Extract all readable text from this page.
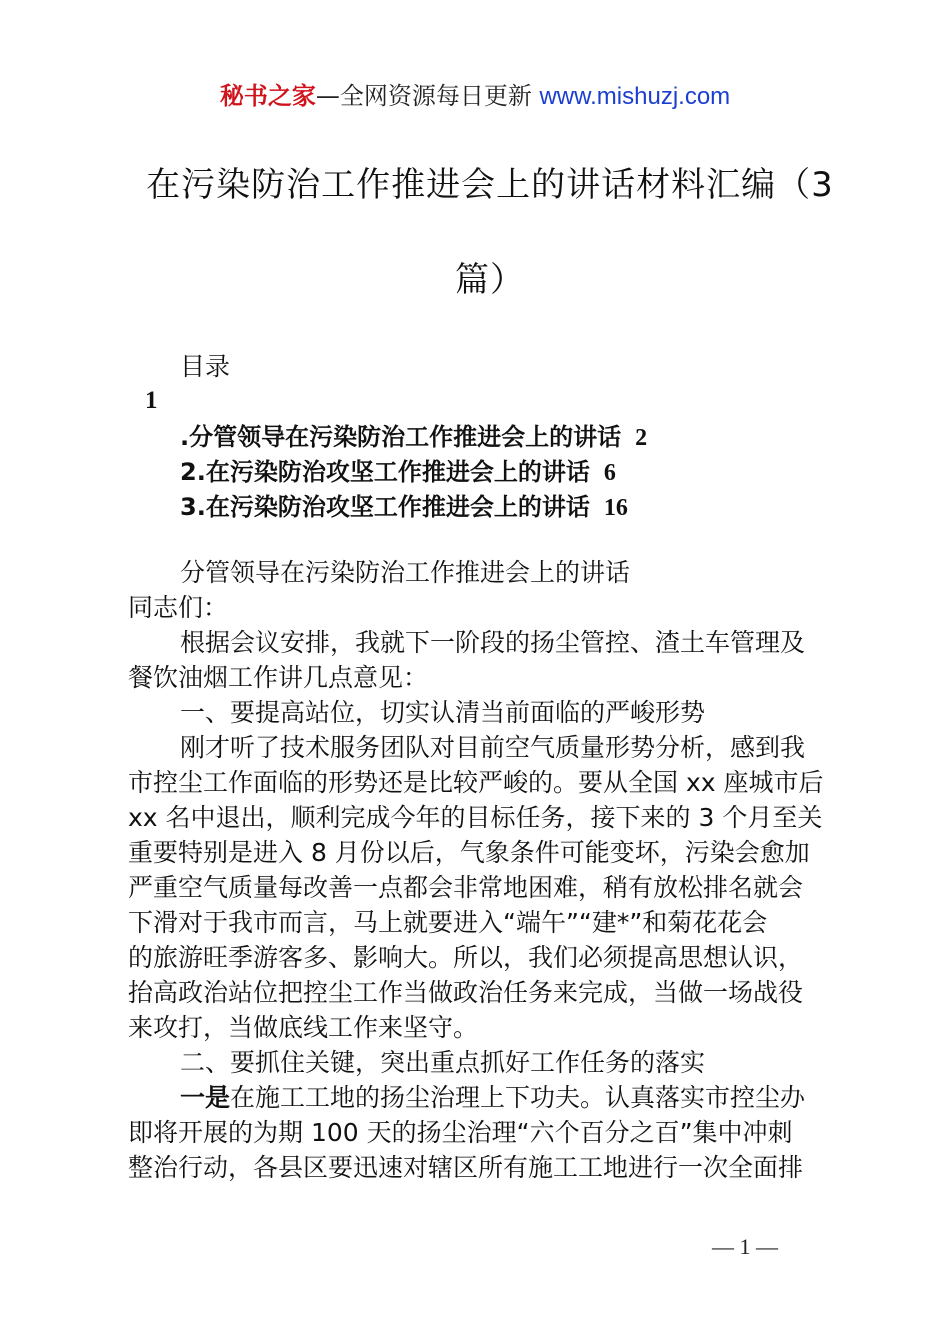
秘书之家—全网资源每日更新 www.mishuzj.com
在污染防治工作推进会上的讲话材料汇编（3
篇）
目录
1
.分管领导在污染防治工作推进会上的讲话 2
2.在污染防治攻坚工作推进会上的讲话 6
3.在污染防治攻坚工作推进会上的讲话 16
分管领导在污染防治工作推进会上的讲话
同志们：
根据会议安排，我就下一阶段的扬尘管控、渣土车管理及
餐饮油烟工作讲几点意见：
一、要提高站位，切实认清当前面临的严峻形势
刚才听了技术服务团队对目前空气质量形势分析，感到我
市控尘工作面临的形势还是比较严峻的。要从全国 xx 座城市后
xx 名中退出，顺利完成今年的目标任务，接下来的 3 个月至关
重要特别是进入 8 月份以后，气象条件可能变坏，污染会愈加
严重空气质量每改善一点都会非常地困难，稍有放松排名就会
下滑对于我市而言，马上就要进入“端午”“建*”和菊花花会
的旅游旺季游客多、影响大。所以，我们必须提高思想认识，
抬高政治站位把控尘工作当做政治任务来完成，当做一场战役
来攻打，当做底线工作来坚守。
二、要抓住关键，突出重点抓好工作任务的落实
一是在施工工地的扬尘治理上下功夫。认真落实市控尘办
即将开展的为期 100 天的扬尘治理“六个百分之百”集中冲刺
整治行动，各县区要迅速对辖区所有施工工地进行一次全面排
— 1 —
